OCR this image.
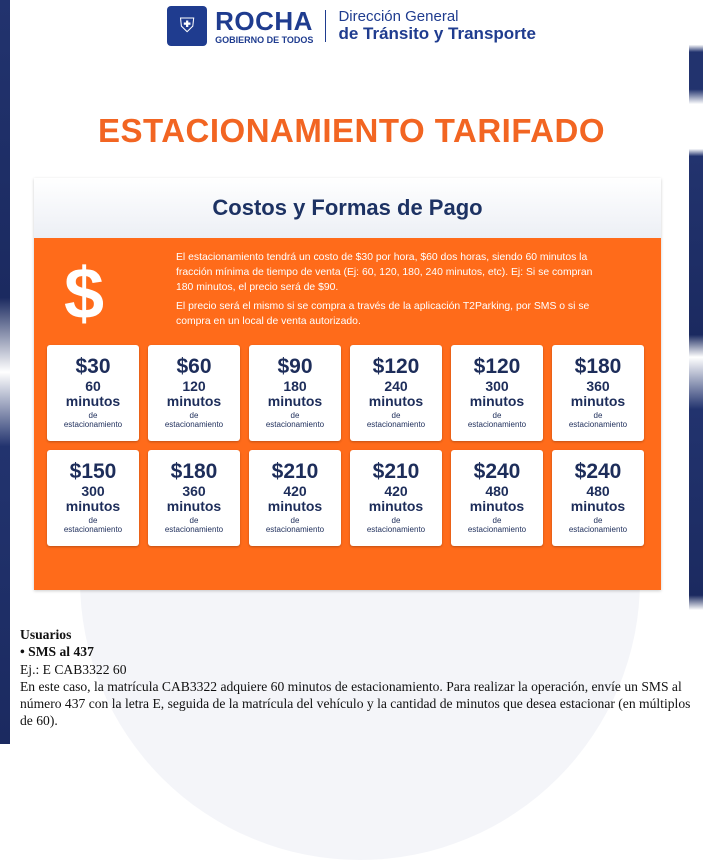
⛨ ROCHA
GOBIERNO DE TODOS
Dirección General
de Tránsito y Transporte
ESTACIONAMIENTO TARIFADO
Costos y Formas de Pago
$	El estacionamiento tendrá un costo de $30 por hora, $60 dos horas, siendo 60 minutos la fracción mínima de tiempo de venta (Ej: 60, 120, 180, 240 minutos, etc). Ej: Si se compran 180 minutos, el precio será de $90.

El precio será el mismo si se compra a través de la aplicación T2Parking, por SMS o si se compra en un local de venta autorizado.

$30
60
minutos
de
estacionamiento
$60
120
minutos
de
estacionamiento
$90
180
minutos
de
estacionamiento
$120
240
minutos
de
estacionamiento
$120
300
minutos
de
estacionamiento
$180
360
minutos
de
estacionamiento
$150
300
minutos
de
estacionamiento
$180
360
minutos
de
estacionamiento
$210
420
minutos
de
estacionamiento
$210
420
minutos
de
estacionamiento
$240
480
minutos
de
estacionamiento
$240
480
minutos
de
estacionamiento

Usuarios

• SMS al 437

Ej.: E CAB3322 60

En este caso, la matrícula CAB3322 adquiere 60 minutos de estacionamiento. Para realizar la operación, envíe un SMS al número 437 con la letra E, seguida de la matrícula del vehículo y la cantidad de minutos que desea estacionar (en múltiplos de 60).
